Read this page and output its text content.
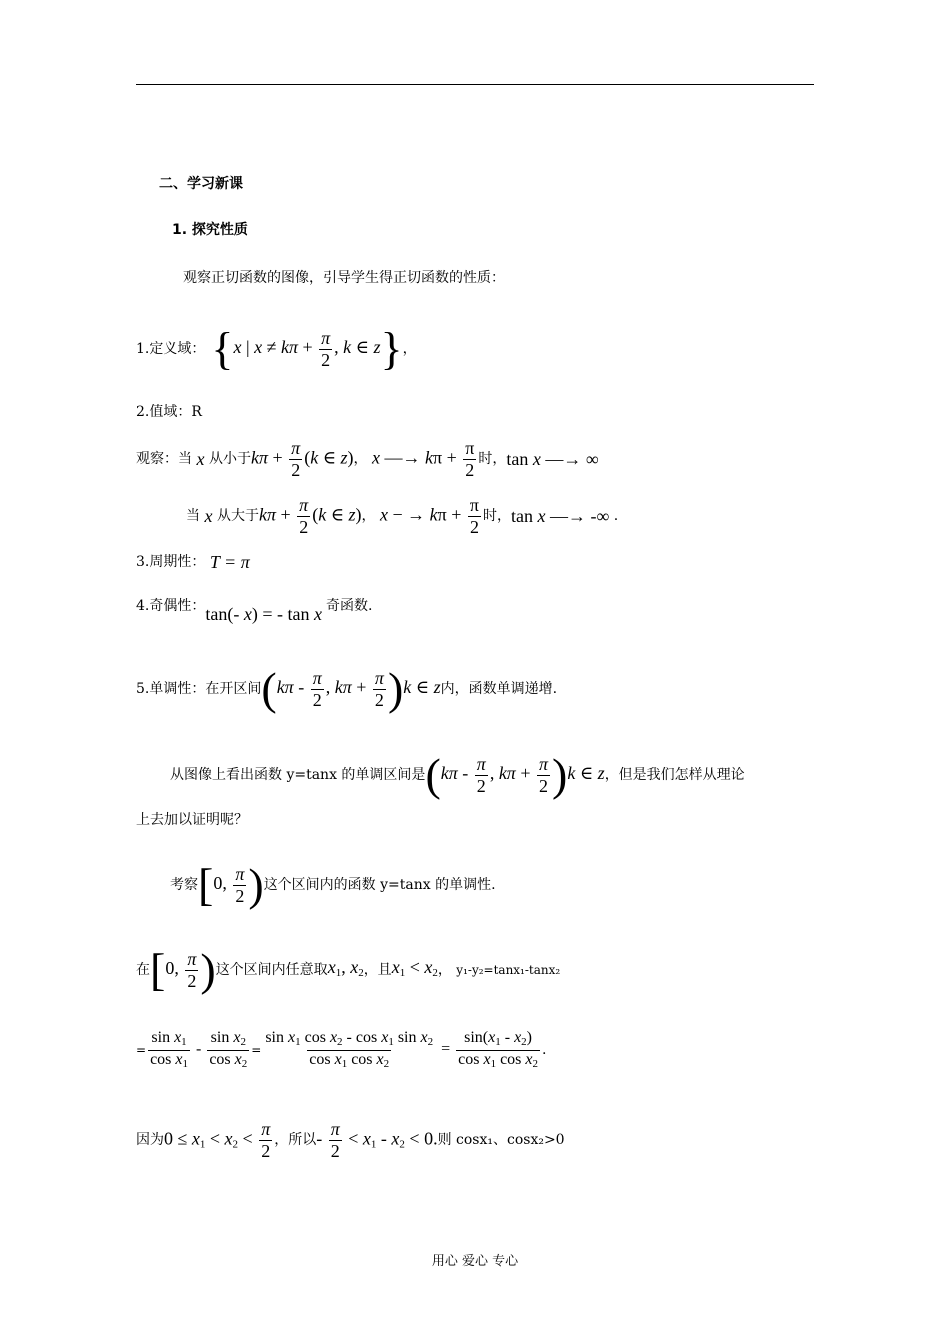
二、学习新课
1. 探究性质
观察正切函数的图像，引导学生得正切函数的性质：
1.定义域： {x | $x \ne k\pi + \frac{\pi}{2}$ , k ∈ z} ，
2.值域：R
观察：当 x 从小于 $k\pi + \frac{\pi}{2} (k$ ∈ z) ， x —→ $k\pi + \frac{\pi}{2}$ 时， tan x —→ ∞
当 x 从大于 $k\pi + \frac{\pi}{2} (k$ ∈ z) ， x − → $k\pi + \frac{\pi}{2}$ 时， tan x —→ -∞ .
3.周期性： T = π
4.奇偶性： tan(- x) = - tan x 奇函数.
5.单调性：在开区间 ($k\pi - \frac{\pi}{2}$ , $k\pi + \frac{\pi}{2} )k$ ∈ z 内，函数单调递增.
从图像上看出函数 y=tanx 的单调区间是 ($k\pi - \frac{\pi}{2}$ , $k\pi + \frac{\pi}{2} )k$ ∈ z ，但是我们怎样从理论
上去加以证明呢？
考察 [0, $\frac{\pi}{2}$ ) 这个区间内的函数 y=tanx 的单调性.
在 [0, $\frac{\pi}{2}$ ) 这个区间内任意取 $x_1$, $x_2$ ，且 $x_1 < x_2$ ， y₁-y₂=tanx₁-tanx₂
= $\frac{\sin x_1}{\cos x_1} - \frac{\sin x_2}{\cos x_2} = \frac{\sin x_1 \cos x_2 - \cos x_1 \sin x_2}{\cos x_1 \cos x_2} = \frac{\sin(x_1 - x_2)}{\cos x_1 \cos x_2}$ .
因为 $0 \le x_1 < x_2 < \frac{\pi}{2}$ ，所以 - $\frac{\pi}{2} < x_1 - x_2 < 0$. 则 cosx₁、cosx₂>0
用心 爱心 专心
